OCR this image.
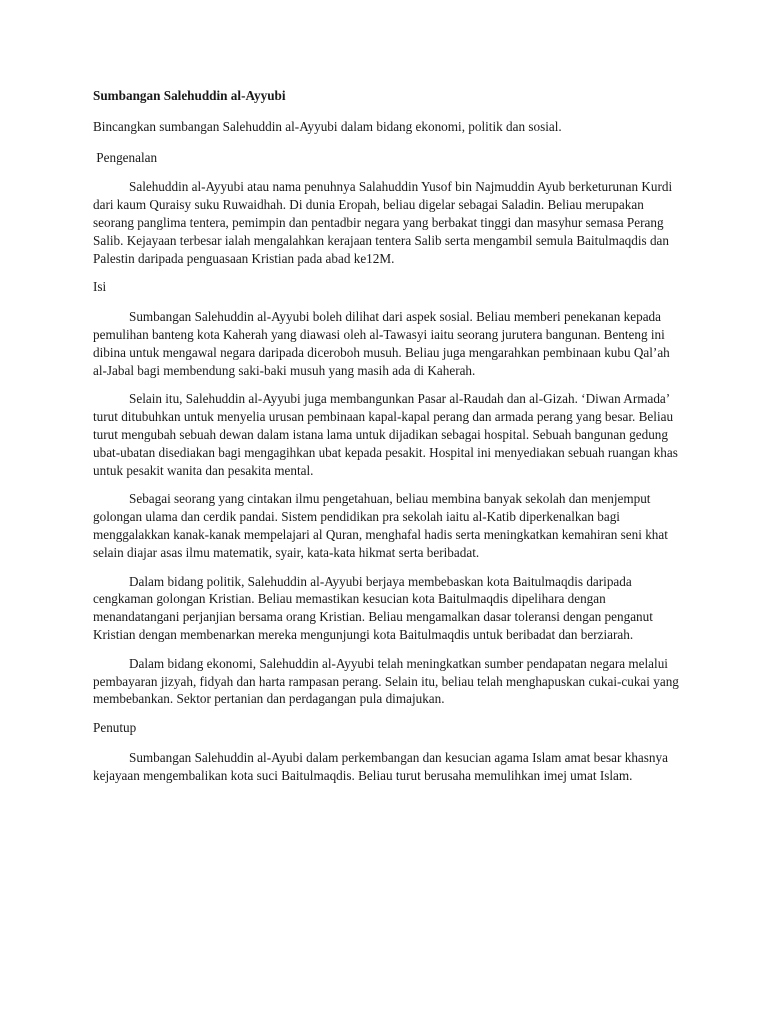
Sumbangan Salehuddin al-Ayyubi

Bincangkan sumbangan Salehuddin al-Ayyubi dalam bidang ekonomi, politik dan sosial.

Pengenalan

Salehuddin al-Ayyubi atau nama penuhnya Salahuddin Yusof bin Najmuddin Ayub berketurunan Kurdi dari kaum Quraisy suku Ruwaidhah. Di dunia Eropah, beliau digelar sebagai Saladin. Beliau merupakan seorang panglima tentera, pemimpin dan pentadbir negara yang berbakat tinggi dan masyhur semasa Perang Salib. Kejayaan terbesar ialah mengalahkan kerajaan tentera Salib serta mengambil semula Baitulmaqdis dan Palestin daripada penguasaan Kristian pada abad ke12M.

Isi

Sumbangan Salehuddin al-Ayyubi boleh dilihat dari aspek sosial. Beliau memberi penekanan kepada pemulihan banteng kota Kaherah yang diawasi oleh al-Tawasyi iaitu seorang jurutera bangunan. Benteng ini dibina untuk mengawal negara daripada diceroboh musuh. Beliau juga mengarahkan pembinaan kubu Qal’ah al-Jabal bagi membendung saki-baki musuh yang masih ada di Kaherah.

Selain itu, Salehuddin al-Ayyubi juga membangunkan Pasar al-Raudah dan al-Gizah. ‘Diwan Armada’ turut ditubuhkan untuk menyelia urusan pembinaan kapal-kapal perang dan armada perang yang besar. Beliau turut mengubah sebuah dewan dalam istana lama untuk dijadikan sebagai hospital. Sebuah bangunan gedung ubat-ubatan disediakan bagi mengagihkan ubat kepada pesakit. Hospital ini menyediakan sebuah ruangan khas untuk pesakit wanita dan pesakita mental.

Sebagai seorang yang cintakan ilmu pengetahuan, beliau membina banyak sekolah dan menjemput golongan ulama dan cerdik pandai. Sistem pendidikan pra sekolah iaitu al-Katib diperkenalkan bagi menggalakkan kanak-kanak mempelajari al Quran, menghafal hadis serta meningkatkan kemahiran seni khat selain diajar asas ilmu matematik, syair, kata-kata hikmat serta beribadat.

Dalam bidang politik, Salehuddin al-Ayyubi berjaya membebaskan kota Baitulmaqdis daripada cengkaman golongan Kristian. Beliau memastikan kesucian kota Baitulmaqdis dipelihara dengan menandatangani perjanjian bersama orang Kristian. Beliau mengamalkan dasar toleransi dengan penganut Kristian dengan membenarkan mereka mengunjungi kota Baitulmaqdis untuk beribadat dan berziarah.

Dalam bidang ekonomi, Salehuddin al-Ayyubi telah meningkatkan sumber pendapatan negara melalui pembayaran jizyah, fidyah dan harta rampasan perang. Selain itu, beliau telah menghapuskan cukai-cukai yang membebankan. Sektor pertanian dan perdagangan pula dimajukan.

Penutup

Sumbangan Salehuddin al-Ayubi dalam perkembangan dan kesucian agama Islam amat besar khasnya kejayaan mengembalikan kota suci Baitulmaqdis. Beliau turut berusaha memulihkan imej umat Islam.
